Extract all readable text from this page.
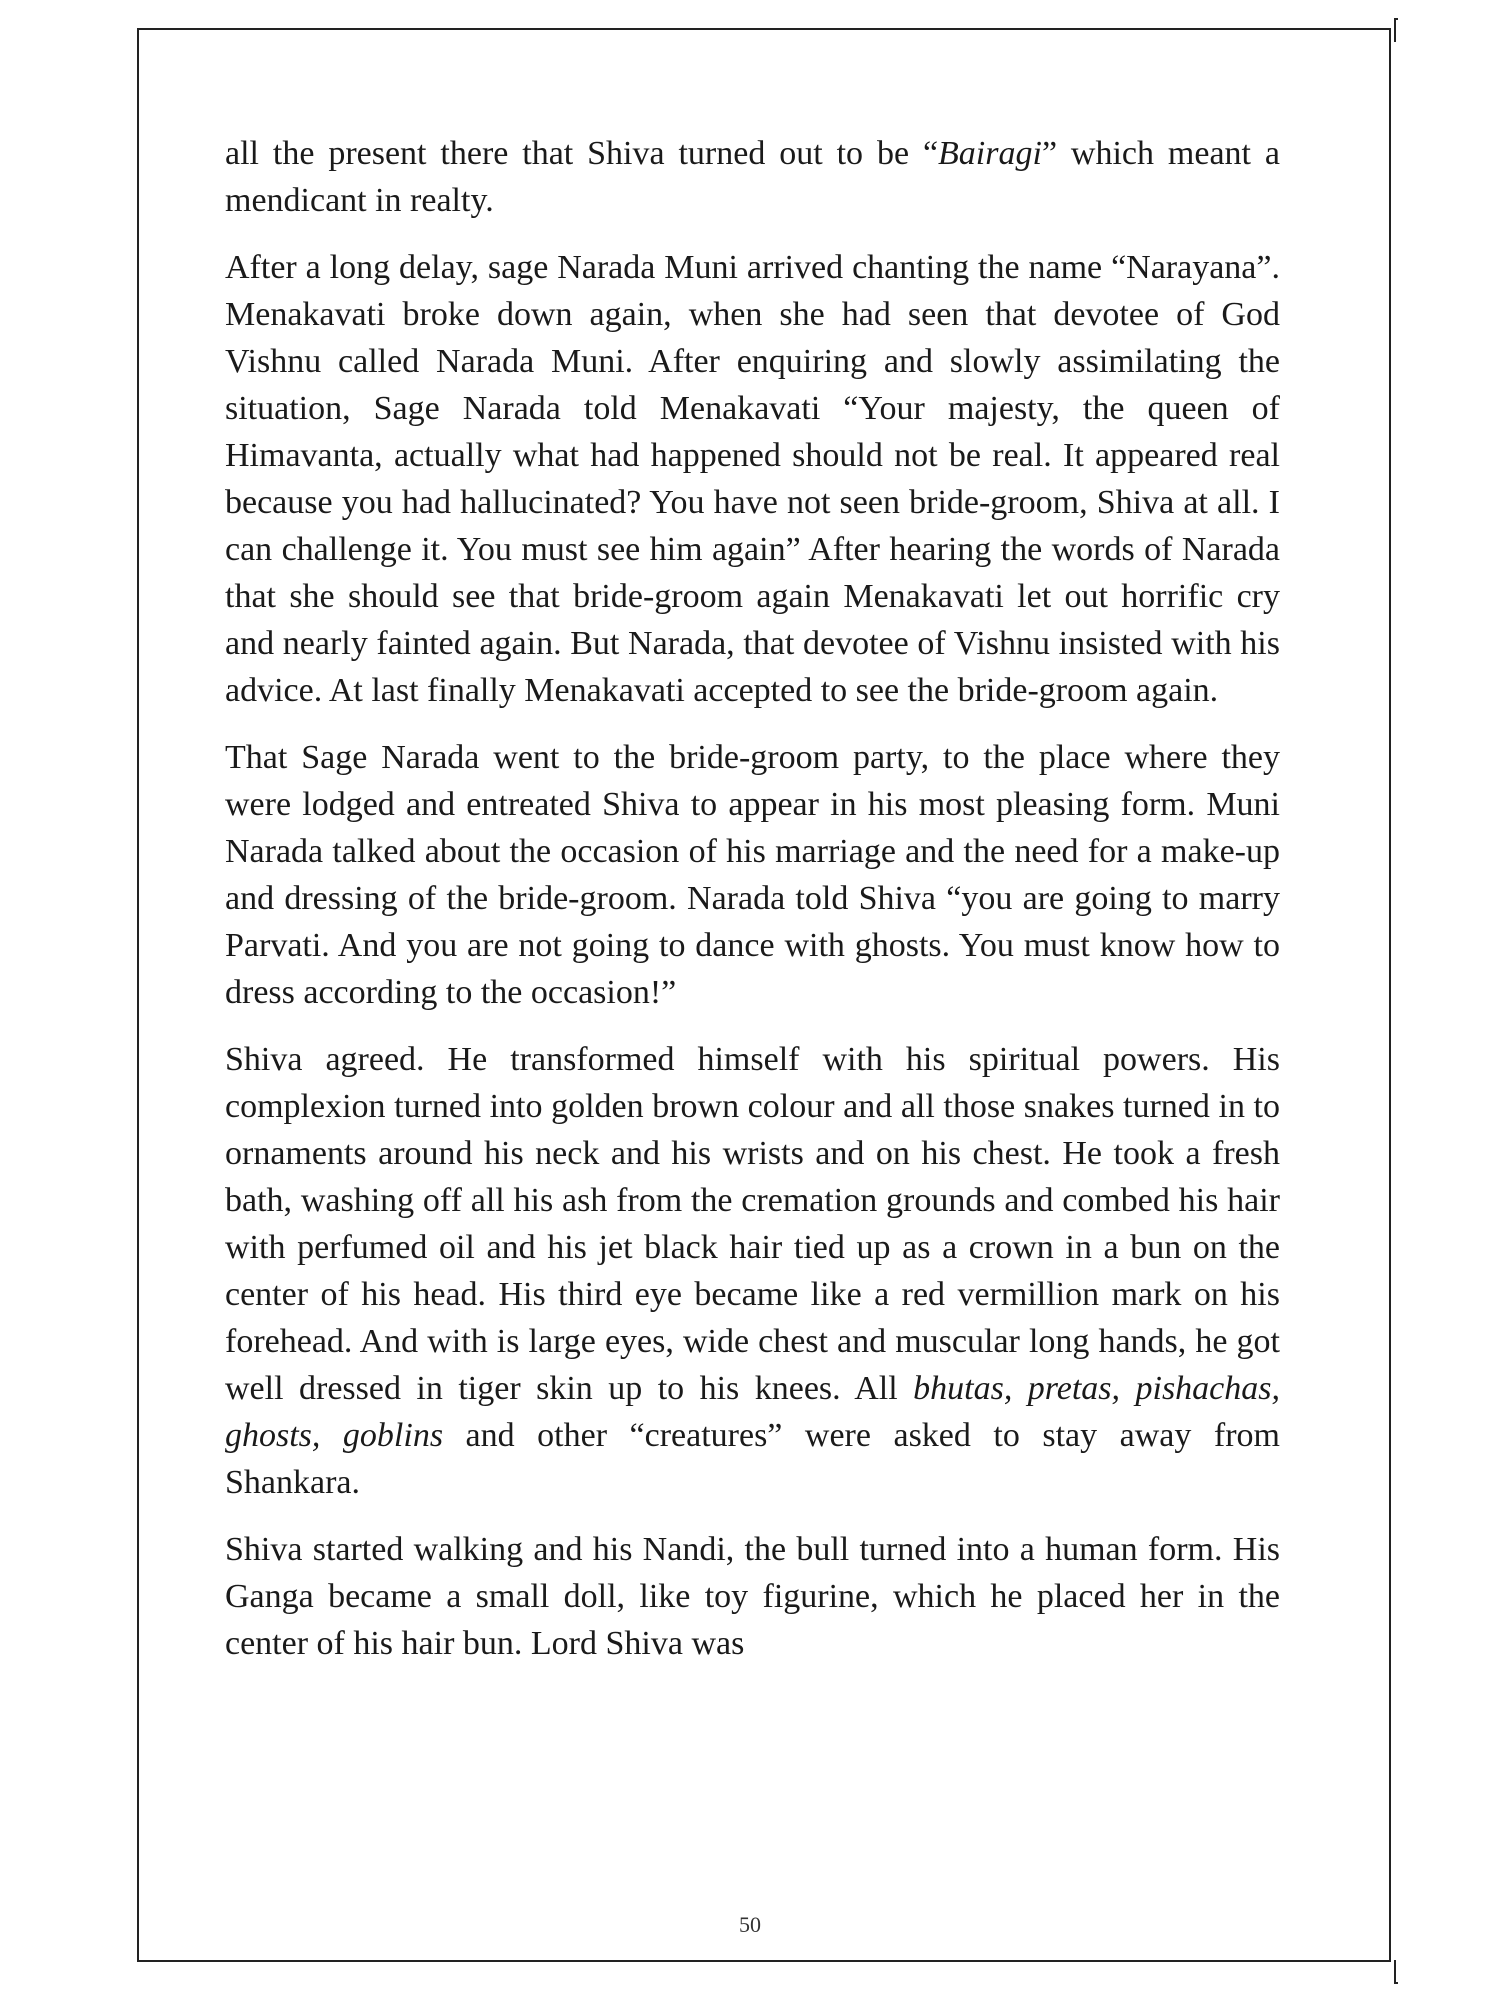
all the present there that Shiva turned out to be “Bairagi” which meant a mendicant in realty.

After a long delay, sage Narada Muni arrived chanting the name “Narayana”. Menakavati broke down again, when she had seen that devotee of God Vishnu called Narada Muni. After enquiring and slowly assimilating the situation, Sage Narada told Menakavati “Your majesty, the queen of Himavanta, actually what had happened should not be real. It appeared real because you had hallucinated? You have not seen bride-groom, Shiva at all. I can challenge it. You must see him again” After hearing the words of Narada that she should see that bride-groom again Menakavati let out horrific cry and nearly fainted again. But Narada, that devotee of Vishnu insisted with his advice. At last finally Menakavati accepted to see the bride-groom again.

That Sage Narada went to the bride-groom party, to the place where they were lodged and entreated Shiva to appear in his most pleasing form. Muni Narada talked about the occasion of his marriage and the need for a make-up and dressing of the bride-groom. Narada told Shiva “you are going to marry Parvati. And you are not going to dance with ghosts. You must know how to dress according to the occasion!”

Shiva agreed. He transformed himself with his spiritual powers. His complexion turned into golden brown colour and all those snakes turned in to ornaments around his neck and his wrists and on his chest. He took a fresh bath, washing off all his ash from the cremation grounds and combed his hair with perfumed oil and his jet black hair tied up as a crown in a bun on the center of his head. His third eye became like a red vermillion mark on his forehead. And with is large eyes, wide chest and muscular long hands, he got well dressed in tiger skin up to his knees. All bhutas, pretas, pishachas, ghosts, goblins and other “creatures” were asked to stay away from Shankara.

Shiva started walking and his Nandi, the bull turned into a human form. His Ganga became a small doll, like toy figurine, which he placed her in the center of his hair bun. Lord Shiva was

50
